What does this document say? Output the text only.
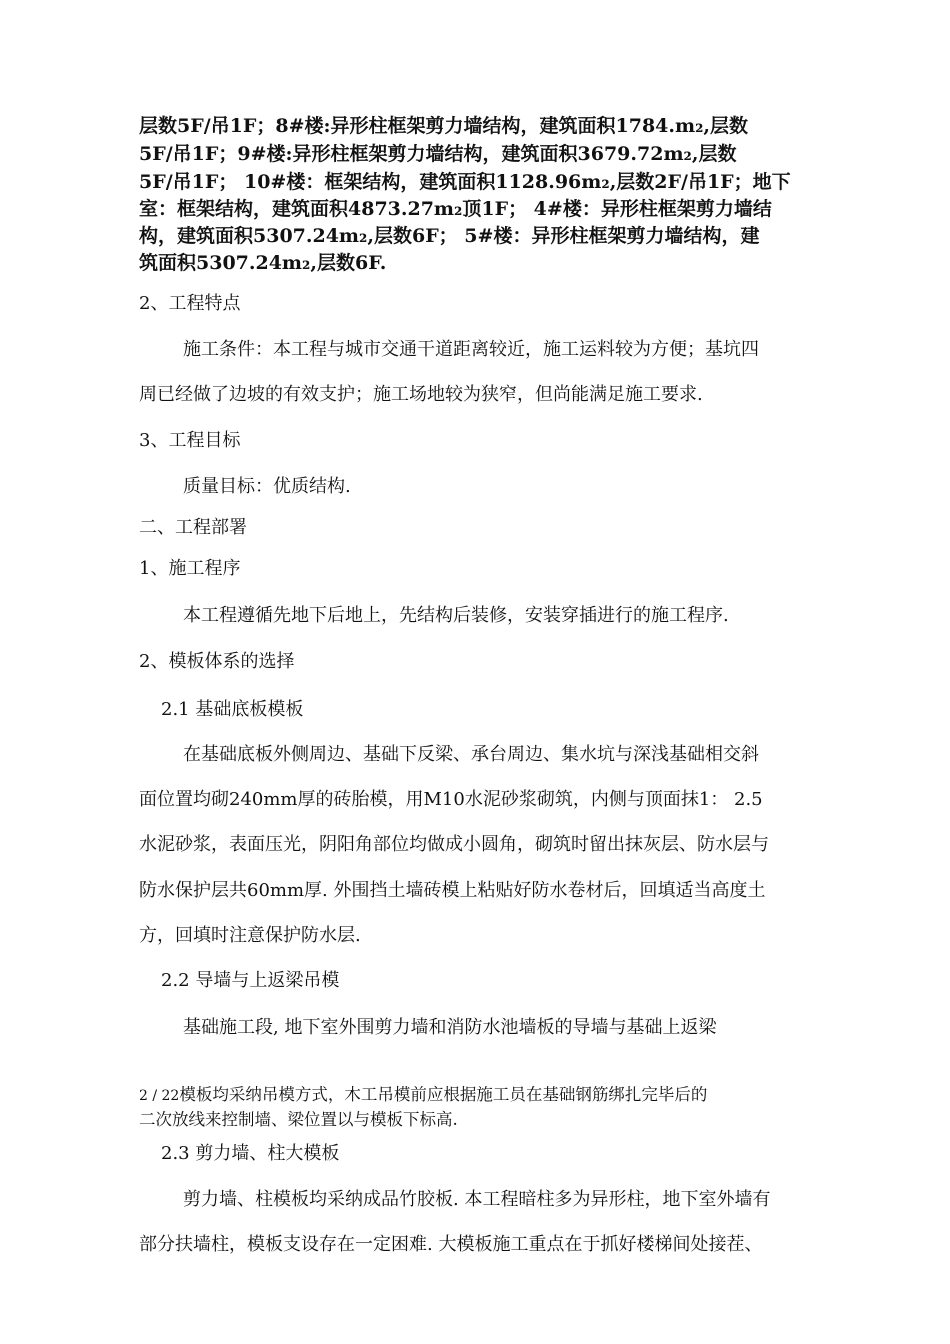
层数5F/吊1F；8#楼:异形柱框架剪力墙结构，建筑面积1784.m₂,层数
5F/吊1F；9#楼:异形柱框架剪力墙结构，建筑面积3679.72m₂,层数
5F/吊1F； 10#楼：框架结构，建筑面积1128.96m₂,层数2F/吊1F；地下
室：框架结构，建筑面积4873.27m₂顶1F； 4#楼：异形柱框架剪力墙结
构，建筑面积5307.24m₂,层数6F； 5#楼：异形柱框架剪力墙结构，建
筑面积5307.24m₂,层数6F.
2、工程特点
施工条件：本工程与城市交通干道距离较近，施工运料较为方便；基坑四
周已经做了边坡的有效支护；施工场地较为狭窄，但尚能满足施工要求.
3、工程目标
质量目标：优质结构.
二、工程部署
1、施工程序
本工程遵循先地下后地上，先结构后装修，安装穿插进行的施工程序.
2、模板体系的选择
2.1 基础底板模板
在基础底板外侧周边、基础下反梁、承台周边、集水坑与深浅基础相交斜
面位置均砌240mm厚的砖胎模，用M10水泥砂浆砌筑，内侧与顶面抹1： 2.5
水泥砂浆，表面压光，阴阳角部位均做成小圆角，砌筑时留出抹灰层、防水层与
防水保护层共60mm厚. 外围挡土墙砖模上粘贴好防水卷材后，回填适当高度土
方，回填时注意保护防水层.
2.2 导墙与上返梁吊模
基础施工段, 地下室外围剪力墙和消防水池墙板的导墙与基础上返梁
2 / 22模板均采纳吊模方式，木工吊模前应根据施工员在基础钢筋绑扎完毕后的
二次放线来控制墙、梁位置以与模板下标高.
2.3 剪力墙、柱大模板
剪力墙、柱模板均采纳成品竹胶板. 本工程暗柱多为异形柱，地下室外墙有
部分扶墙柱，模板支设存在一定困难. 大模板施工重点在于抓好楼梯间处接茬、
